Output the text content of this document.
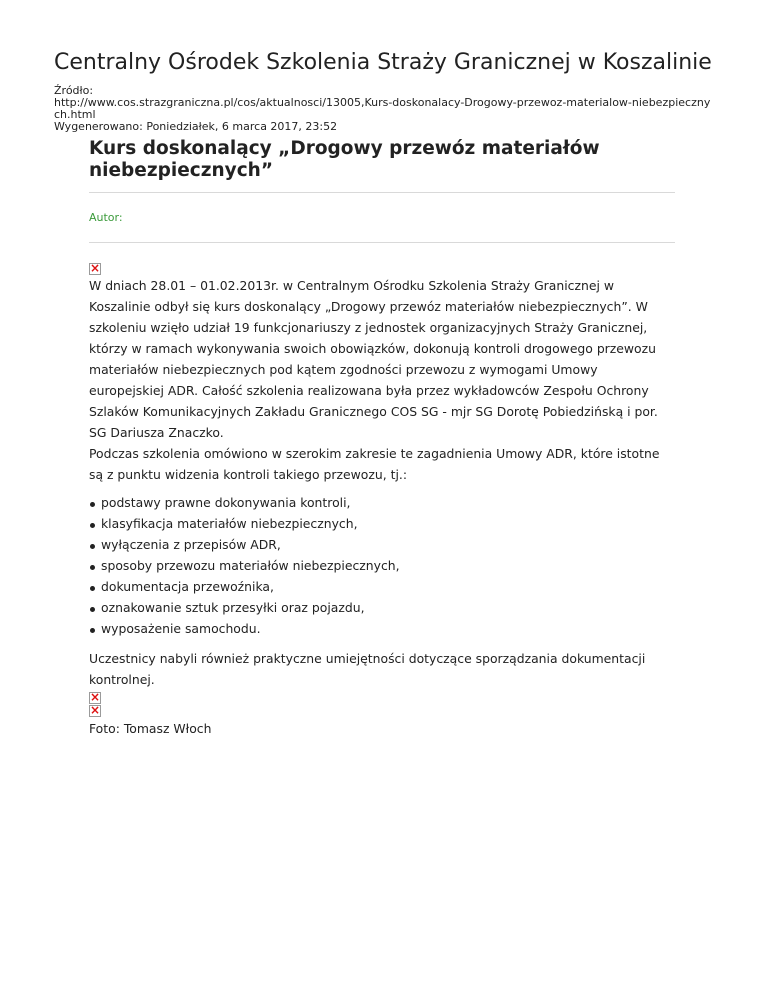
Centralny Ośrodek Szkolenia Straży Granicznej w Koszalinie
Źródło:
http://www.cos.strazgraniczna.pl/cos/aktualnosci/13005,Kurs-doskonalacy-Drogowy-przewoz-materialow-niebezpiecznych.html
Wygenerowano: Poniedziałek, 6 marca 2017, 23:52
Kurs doskonalący „Drogowy przewóz materiałów niebezpiecznych”
Autor:
×

W dniach 28.01 – 01.02.2013r. w Centralnym Ośrodku Szkolenia Straży Granicznej w Koszalinie odbył się kurs doskonalący „Drogowy przewóz materiałów niebezpiecznych”. W szkoleniu wzięło udział 19 funkcjonariuszy z jednostek organizacyjnych Straży Granicznej, którzy w ramach wykonywania swoich obowiązków, dokonują kontroli drogowego przewozu materiałów niebezpiecznych pod kątem zgodności przewozu z wymogami Umowy europejskiej ADR. Całość szkolenia realizowana była przez wykładowców Zespołu Ochrony Szlaków Komunikacyjnych Zakładu Granicznego COS SG - mjr SG Dorotę Pobiedzińską i por. SG Dariusza Znaczko.

Podczas szkolenia omówiono w szerokim zakresie te zagadnienia Umowy ADR, które istotne są z punktu widzenia kontroli takiego przewozu, tj.:

podstawy prawne dokonywania kontroli,
klasyfikacja materiałów niebezpiecznych,
wyłączenia z przepisów ADR,
sposoby przewozu materiałów niebezpiecznych,
dokumentacja przewoźnika,
oznakowanie sztuk przesyłki oraz pojazdu,
wyposażenie samochodu.

Uczestnicy nabyli również praktyczne umiejętności dotyczące sporządzania dokumentacji kontrolnej.

×
×
Foto: Tomasz Włoch
